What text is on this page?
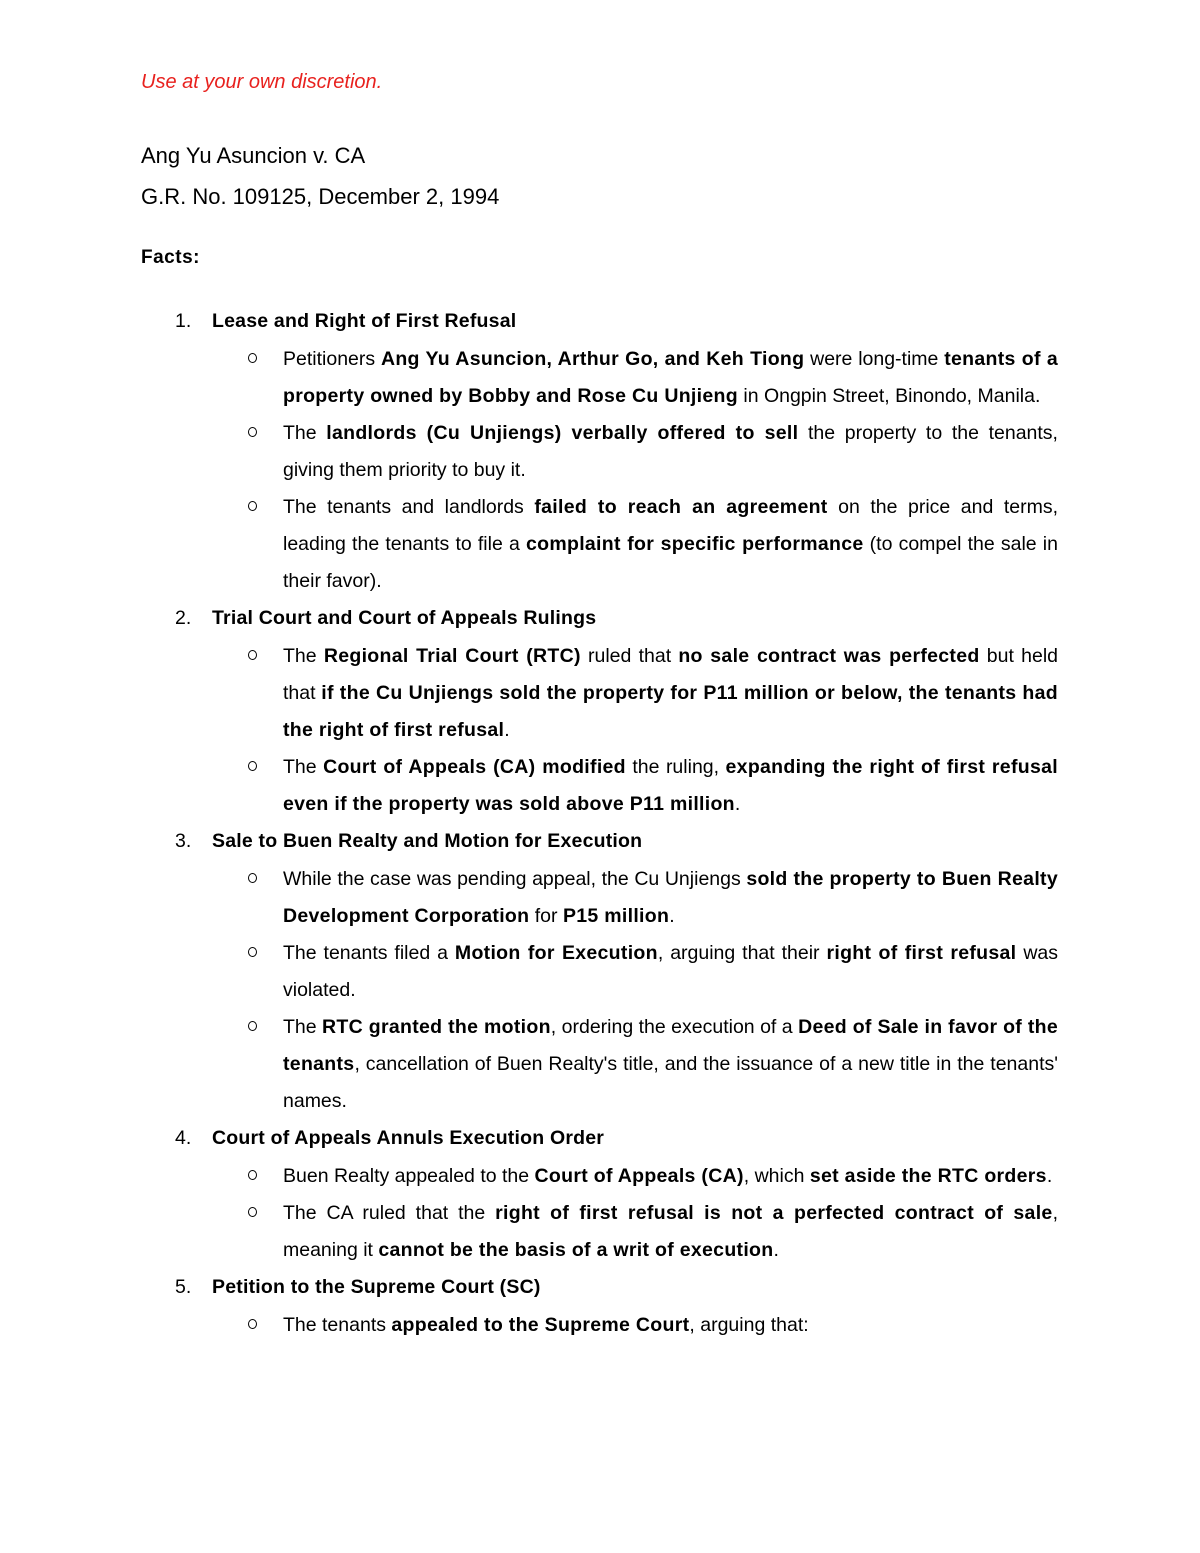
Use at your own discretion.
Ang Yu Asuncion v. CA
G.R. No. 109125, December 2, 1994
Facts:
1. Lease and Right of First Refusal
Petitioners Ang Yu Asuncion, Arthur Go, and Keh Tiong were long-time tenants of a property owned by Bobby and Rose Cu Unjieng in Ongpin Street, Binondo, Manila.
The landlords (Cu Unjiengs) verbally offered to sell the property to the tenants, giving them priority to buy it.
The tenants and landlords failed to reach an agreement on the price and terms, leading the tenants to file a complaint for specific performance (to compel the sale in their favor).
2. Trial Court and Court of Appeals Rulings
The Regional Trial Court (RTC) ruled that no sale contract was perfected but held that if the Cu Unjiengs sold the property for P11 million or below, the tenants had the right of first refusal.
The Court of Appeals (CA) modified the ruling, expanding the right of first refusal even if the property was sold above P11 million.
3. Sale to Buen Realty and Motion for Execution
While the case was pending appeal, the Cu Unjiengs sold the property to Buen Realty Development Corporation for P15 million.
The tenants filed a Motion for Execution, arguing that their right of first refusal was violated.
The RTC granted the motion, ordering the execution of a Deed of Sale in favor of the tenants, cancellation of Buen Realty's title, and the issuance of a new title in the tenants' names.
4. Court of Appeals Annuls Execution Order
Buen Realty appealed to the Court of Appeals (CA), which set aside the RTC orders.
The CA ruled that the right of first refusal is not a perfected contract of sale, meaning it cannot be the basis of a writ of execution.
5. Petition to the Supreme Court (SC)
The tenants appealed to the Supreme Court, arguing that:
